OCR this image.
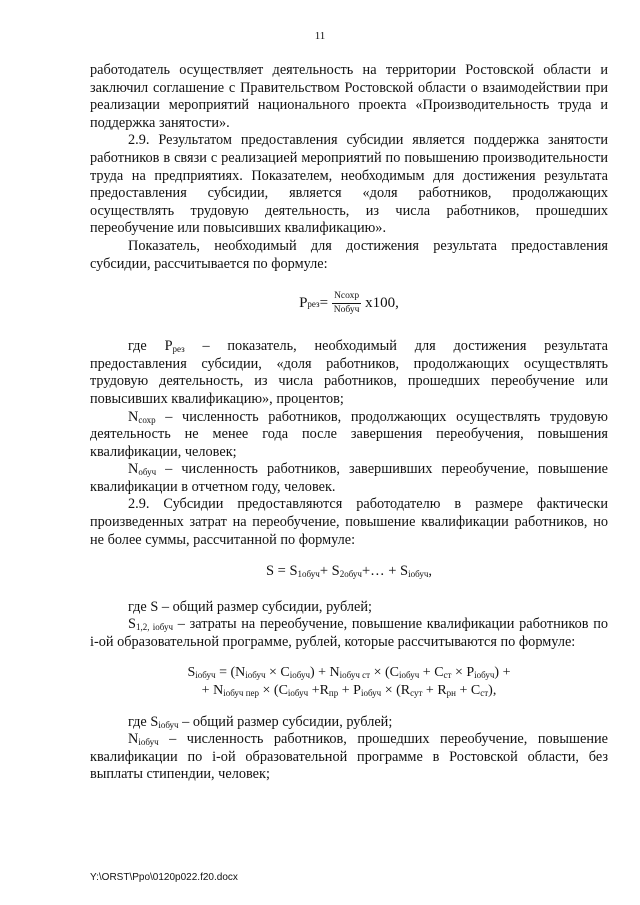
11

работодатель осуществляет деятельность на территории Ростовской области и заключил соглашение с Правительством Ростовской области о взаимодействии при реализации мероприятий национального проекта «Производительность труда и поддержка занятости».

2.9. Результатом предоставления субсидии является поддержка занятости работников в связи с реализацией мероприятий по повышению производительности труда на предприятиях. Показателем, необходимым для достижения результата предоставления субсидии, является «доля работников, продолжающих осуществлять трудовую деятельность, из числа работников, прошедших переобучение или повысивших квалификацию».

Показатель, необходимый для достижения результата предоставления субсидии, рассчитывается по формуле:

Р рез = $\frac{\text{Nсохр}}{\text{Nобуч}} х100$,

где $Р_{рез}$ – показатель, необходимый для достижения результата предоставления субсидии, «доля работников, продолжающих осуществлять трудовую деятельность, из числа работников, прошедших переобучение или повысивших квалификацию», процентов;

$N_{сохр}$ – численность работников, продолжающих осуществлять трудовую деятельность не менее года после завершения переобучения, повышения квалификации, человек;

$N_{обуч}$ – численность работников, завершивших переобучение, повышение квалификации в отчетном году, человек.

2.9. Субсидии предоставляются работодателю в размере фактически произведенных затрат на переобучение, повышение квалификации работников, но не более суммы, рассчитанной по формуле:

$S = S_{1обуч}+$ $S_{2обуч}+\dots + S_{iобуч}$,

где S – общий размер субсидии, рублей;

$S_{1,2, iобуч}$ – затраты на переобучение, повышение квалификации работников по i-ой образовательной программе, рублей, которые рассчитываются по формуле:

$S_{iобуч} = (N_{iобуч} \times C_{iобуч}) + N_{iобуч ст} \times (C_{iобуч} + C_{ст} \times P_{iобуч})$ +
+ $N_{iобуч пер} \times (C_{iобуч} +R_{пр} + P_{iобуч} \times (R_{сут} + R_{рн} + C_{ст})$,

где $S_{iобуч}$ – общий размер субсидии, рублей;

$N_{iобуч}$ – численность работников, прошедших переобучение, повышение квалификации по i-ой образовательной программе в Ростовской области, без выплаты стипендии, человек;

Y:\ORST\Ppo\0120p022.f20.docx
